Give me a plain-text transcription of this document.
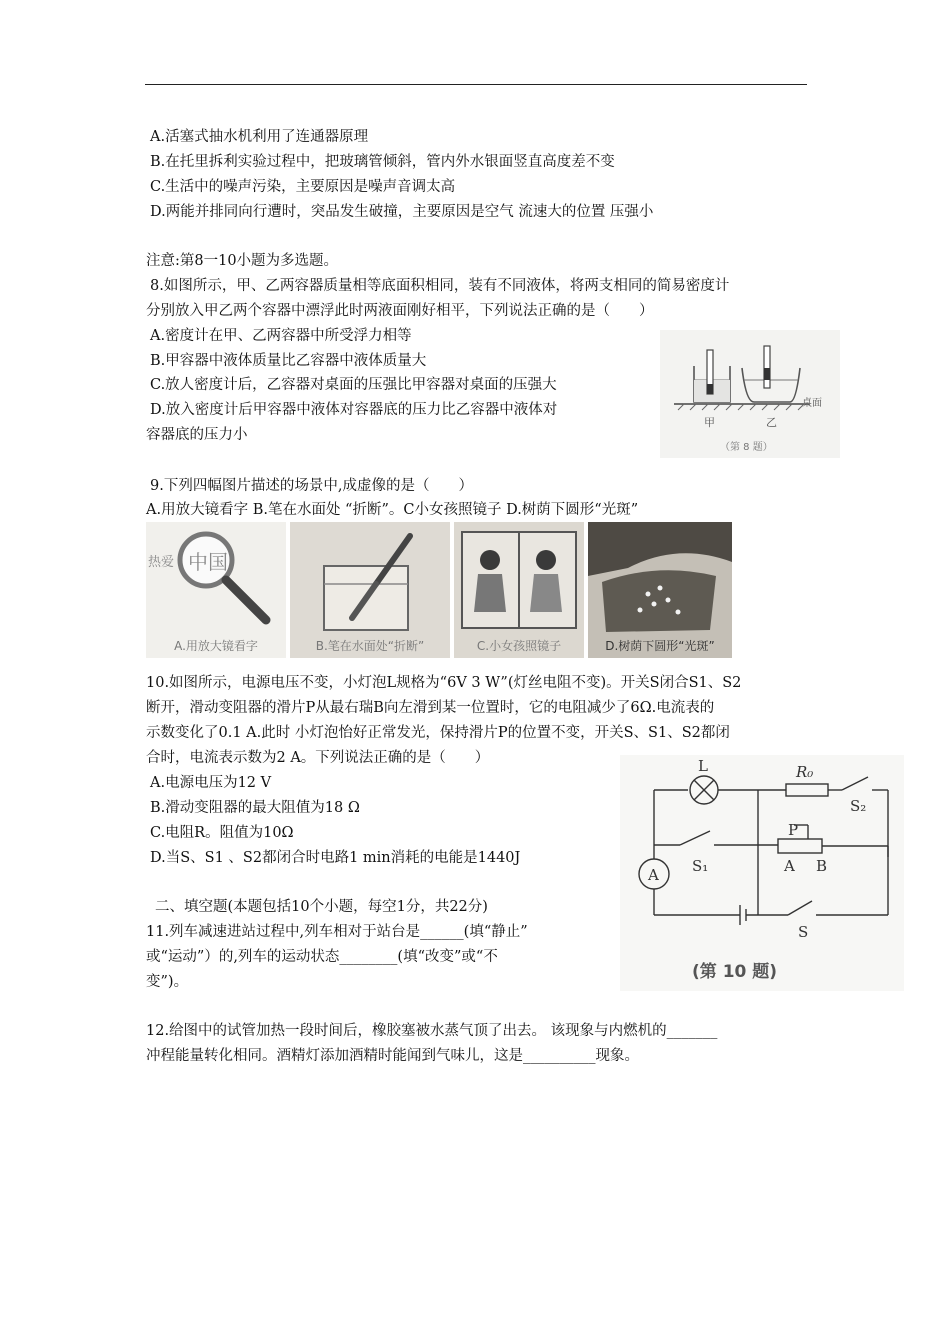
A.活塞式抽水机利用了连通器原理
B.在托里拆利实验过程中，把玻璃管倾斜，管内外水银面竖直高度差不变
C.生活中的噪声污染，主要原因是噪声音调太高
D.两能并排同向行遭时，突品发生破撞，主要原因是空气 流速大的位置 压强小
注意:第8一10小题为多选题。
8.如图所示，甲、乙两容器质量相等底面积相同，装有不同液体，将两支相同的简易密度计
分别放入甲乙两个容器中漂浮此时两液面刚好相平，下列说法正确的是（　　）
A.密度计在甲、乙两容器中所受浮力相等
B.甲容器中液体质量比乙容器中液体质量大
C.放人密度计后，乙容器对桌面的压强比甲容器对桌面的压强大
D.放入密度计后甲容器中液体对容器底的压力比乙容器中液体对
容器底的压力小
甲	乙
桌面
（第 8 题）
9.下列四幅图片描述的场景中,成虚像的是（　　）
A.用放大镜看字 B.笔在水面处 “折断”。C小女孩照镜子 D.树荫下圆形“光斑”
热爱 中国
A.用放大镜看字	B.笔在水面处“折断”	C.小女孩照镜子	D.树荫下圆形“光斑”
10.如图所示，电源电压不变，小灯泡L规格为“6V 3 W”(灯丝电阻不变)。开关S闭合S1、S2
断开，滑动变阻器的滑片P从最右瑞B向左滑到某一位置时，它的电阻减少了6Ω.电流表的
示数变化了0.1 A.此时 小灯泡怡好正常发光，保持滑片P的位置不变，开关S、S1、S2都闭
合时，电流表示数为2 A。下列说法正确的是（　　）
A.电源电压为12 V
B.滑动变阻器的最大阻值为18 Ω
C.电阻R。阻值为10Ω
D.当S、S1 、S2都闭合时电路1 min消耗的电能是1440J
L	R₀
S₂
P
S₁	A B
A
S
(第 10 题)
二、填空题(本题包括10个小题，每空1分，共22分)
11.列车减速进站过程中,列车相对于站台是______(填“静止”
或“运动”）的,列车的运动状态________(填“改变”或“不
变”)。
12.给图中的试管加热一段时间后，橡胶塞被水蒸气顶了出去。 该现象与内燃机的_______
冲程能量转化相同。酒精灯添加酒精时能闻到气味儿，这是__________现象。
